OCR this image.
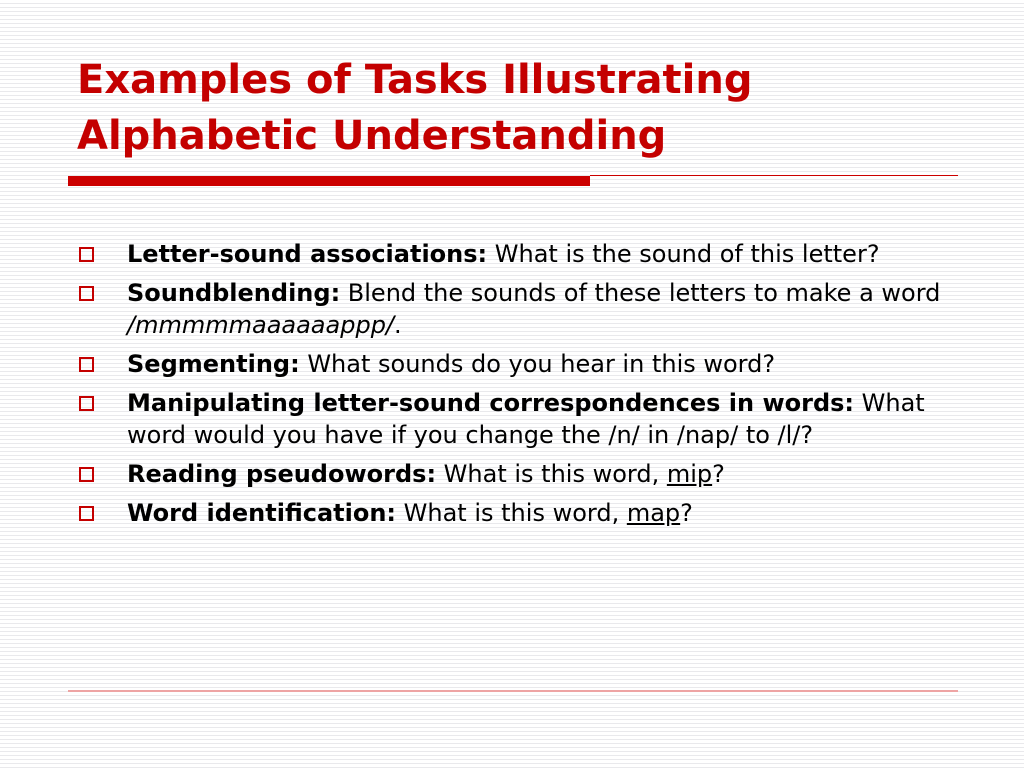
Examples of Tasks Illustrating
Alphabetic Understanding
Letter-sound associations: What is the sound of this letter?
Soundblending: Blend the sounds of these letters to make a word /mmmmmaaaaaappp/.
Segmenting: What sounds do you hear in this word?
Manipulating letter-sound correspondences in words: What word would you have if you change the /n/ in /nap/ to /l/?
Reading pseudowords: What is this word, mip?
Word identification: What is this word, map?
